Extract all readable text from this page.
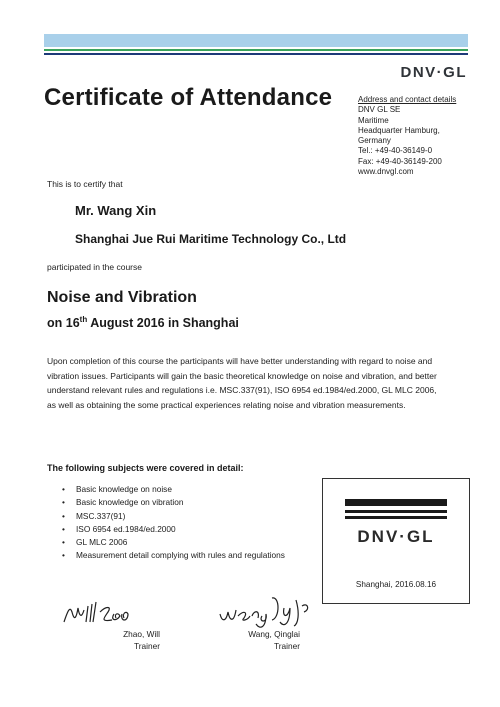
DNV·GL
Certificate of Attendance	Address and contact details
DNV GL SE
Maritime
Headquarter Hamburg,
Germany
Tel.: +49-40-36149-0
Fax: +49-40-36149-200
www.dnvgl.com
This is to certify that
Mr. Wang Xin
Shanghai Jue Rui Maritime Technology Co., Ltd
participated in the course
Noise and Vibration
on 16th August 2016 in Shanghai
Upon completion of this course the participants will have better understanding with regard to noise and vibration issues. Participants will gain the basic theoretical knowledge on noise and vibration, and better understand relevant rules and regulations i.e. MSC.337(91), ISO 6954 ed.1984/ed.2000, GL MLC 2006, as well as obtaining the some practical experiences relating noise and vibration measurements.
The following subjects were covered in detail:
• Basic knowledge on noise
• Basic knowledge on vibration
• MSC.337(91)
• ISO 6954 ed.1984/ed.2000
• GL MLC 2006
• Measurement detail complying with rules and regulations
DNV·GL
Shanghai, 2016.08.16
Zhao, Will
Trainer
Wang, Qinglai
Trainer
